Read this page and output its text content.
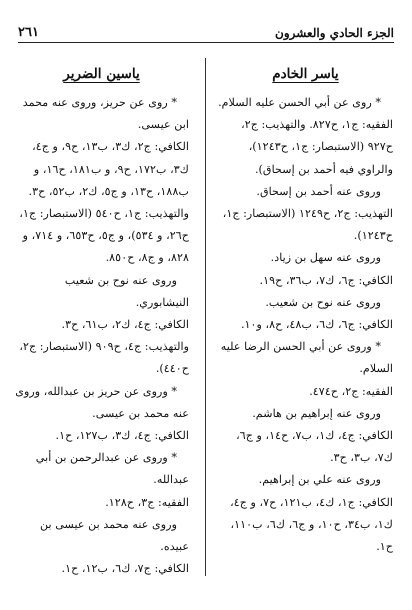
٢٦١	الجزء الحادي والعشرون
ياسر الخادم

* روى عن أبي الحسن عليه السلام.

الفقيه: ج١، ح٨٢٧. والتهذيب: ج٢، ح٩٢٧ (الاستبصار: ج١، ح١٢٤٣)، والراوي فيه أحمد بن إسحاق).

وروى عنه أحمد بن إسحاق.

التهذيب: ج٢، ح١٢٤٩ (الاستبصار: ج١، ح١٢٤٣).

وروى عنه سهل بن زياد.

الكافي: ج٦، ك٧، ب٣٦، ح١٩.

وروى عنه نوح بن شعيب.

الكافي: ج٦، ك٦، ب٤٨، ح٨، و١٠.

* وروى عن أبي الحسن الرضا عليه السلام.

الفقيه: ج٢، ح٤٧٤.

وروى عنه إبراهيم بن هاشم.

الكافي: ج٤، ك١، ب٧، ح١٤، و ج٦، ك٧، ب٣، ح٣.

وروى عنه علي بن إبراهيم.

الكافي: ج١، ك٤، ب١٢١، ح٧، و ج٤، ك١، ب٣٤، ح١٠، و ج٦، ك٦، ب١١٠، ح١.

ياسين الضرير

* روى عن حريز، وروى عنه محمد ابن عيسى.

الكافي: ج٢، ك٣، ب١٣، ح٩، و ج٤، ك٣، ب١٧٢، ح٩، و ب١٨١، ح١٦، و ب١٨٨، ح١٣، و ج٥، ك٢، ب٥٢، ح٣. والتهذيب: ج١، ح٥٤٠ (الاستبصار: ج١، ح٢٦، و ٥٣٤)، و ج٥، ح٦٥٣، و ٧١٤، و ٨٢٨، و ج٨، ح٨٥٠.

وروى عنه نوح بن شعيب النيشابوري.

الكافي: ج٤، ك٢، ب٦١، ح٣. والتهذيب: ج٤، ح٩٠٩ (الاستبصار: ج٢، ح٤٤٠).

* وروى عن حريز بن عبدالله، وروى عنه محمد بن عيسى.

الكافي: ج٤، ك٣، ب١٢٧، ح١.

* وروى عن عبدالرحمن بن أبي عبدالله.

الفقيه: ج٣، ح١٢٨.

وروى عنه محمد بن عيسى بن عبيده.

الكافي: ج٧، ك٦، ب١٢، ح١.
